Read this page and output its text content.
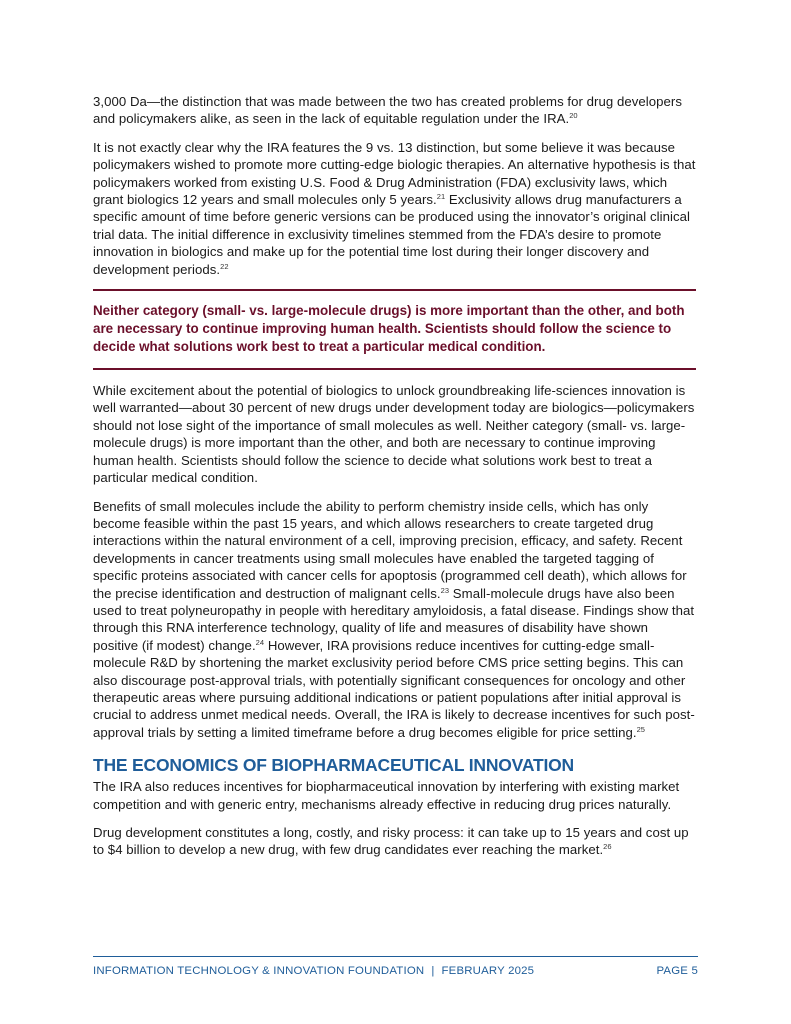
3,000 Da—the distinction that was made between the two has created problems for drug developers and policymakers alike, as seen in the lack of equitable regulation under the IRA.$^{20}$

It is not exactly clear why the IRA features the 9 vs. 13 distinction, but some believe it was because policymakers wished to promote more cutting-edge biologic therapies. An alternative hypothesis is that policymakers worked from existing U.S. Food & Drug Administration (FDA) exclusivity laws, which grant biologics 12 years and small molecules only 5 years.$^{21}$ Exclusivity allows drug manufacturers a specific amount of time before generic versions can be produced using the innovator’s original clinical trial data. The initial difference in exclusivity timelines stemmed from the FDA’s desire to promote innovation in biologics and make up for the potential time lost during their longer discovery and development periods.$^{22}$

Neither category (small- vs. large-molecule drugs) is more important than the other, and both are necessary to continue improving human health. Scientists should follow the science to decide what solutions work best to treat a particular medical condition.

While excitement about the potential of biologics to unlock groundbreaking life-sciences innovation is well warranted—about 30 percent of new drugs under development today are biologics—policymakers should not lose sight of the importance of small molecules as well. Neither category (small- vs. large-molecule drugs) is more important than the other, and both are necessary to continue improving human health. Scientists should follow the science to decide what solutions work best to treat a particular medical condition.

Benefits of small molecules include the ability to perform chemistry inside cells, which has only become feasible within the past 15 years, and which allows researchers to create targeted drug interactions within the natural environment of a cell, improving precision, efficacy, and safety. Recent developments in cancer treatments using small molecules have enabled the targeted tagging of specific proteins associated with cancer cells for apoptosis (programmed cell death), which allows for the precise identification and destruction of malignant cells.$^{23}$ Small-molecule drugs have also been used to treat polyneuropathy in people with hereditary amyloidosis, a fatal disease. Findings show that through this RNA interference technology, quality of life and measures of disability have shown positive (if modest) change.$^{24}$ However, IRA provisions reduce incentives for cutting-edge small-molecule R&D by shortening the market exclusivity period before CMS price setting begins. This can also discourage post-approval trials, with potentially significant consequences for oncology and other therapeutic areas where pursuing additional indications or patient populations after initial approval is crucial to address unmet medical needs. Overall, the IRA is likely to decrease incentives for such post-approval trials by setting a limited timeframe before a drug becomes eligible for price setting.$^{25}$

THE ECONOMICS OF BIOPHARMACEUTICAL INNOVATION

The IRA also reduces incentives for biopharmaceutical innovation by interfering with existing market competition and with generic entry, mechanisms already effective in reducing drug prices naturally.

Drug development constitutes a long, costly, and risky process: it can take up to 15 years and cost up to $4 billion to develop a new drug, with few drug candidates ever reaching the market.$^{26}$

INFORMATION TECHNOLOGY & INNOVATION FOUNDATION | FEBRUARY 2025	PAGE 5
